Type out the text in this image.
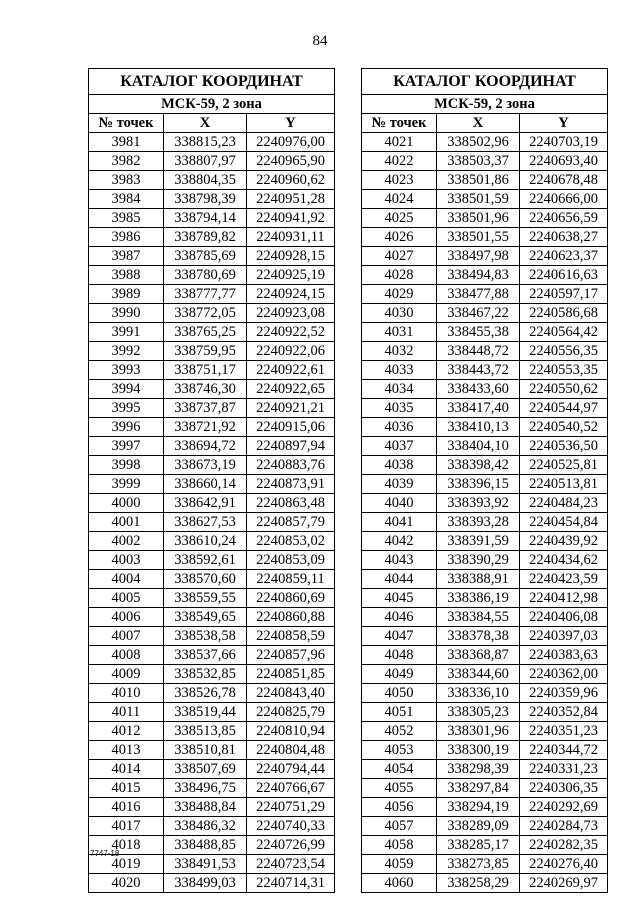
84
КАТАЛОГ КООРДИНАТ		
МСК-59, 2 зона		
№ точек	X	Y
3981	338815,23	2240976,00
3982	338807,97	2240965,90
3983	338804,35	2240960,62
3984	338798,39	2240951,28
3985	338794,14	2240941,92
3986	338789,82	2240931,11
3987	338785,69	2240928,15
3988	338780,69	2240925,19
3989	338777,77	2240924,15
3990	338772,05	2240923,08
3991	338765,25	2240922,52
3992	338759,95	2240922,06
3993	338751,17	2240922,61
3994	338746,30	2240922,65
3995	338737,87	2240921,21
3996	338721,92	2240915,06
3997	338694,72	2240897,94
3998	338673,19	2240883,76
3999	338660,14	2240873,91
4000	338642,91	2240863,48
4001	338627,53	2240857,79
4002	338610,24	2240853,02
4003	338592,61	2240853,09
4004	338570,60	2240859,11
4005	338559,55	2240860,69
4006	338549,65	2240860,88
4007	338538,58	2240858,59
4008	338537,66	2240857,96
4009	338532,85	2240851,85
4010	338526,78	2240843,40
4011	338519,44	2240825,79
4012	338513,85	2240810,94
4013	338510,81	2240804,48
4014	338507,69	2240794,44
4015	338496,75	2240766,67
4016	338488,84	2240751,29
4017	338486,32	2240740,33
4018	338488,85	2240726,99
4019	338491,53	2240723,54
4020	338499,03	2240714,31
КАТАЛОГ КООРДИНАТ		
МСК-59, 2 зона		
№ точек	X	Y
4021	338502,96	2240703,19
4022	338503,37	2240693,40
4023	338501,86	2240678,48
4024	338501,59	2240666,00
4025	338501,96	2240656,59
4026	338501,55	2240638,27
4027	338497,98	2240623,37
4028	338494,83	2240616,63
4029	338477,88	2240597,17
4030	338467,22	2240586,68
4031	338455,38	2240564,42
4032	338448,72	2240556,35
4033	338443,72	2240553,35
4034	338433,60	2240550,62
4035	338417,40	2240544,97
4036	338410,13	2240540,52
4037	338404,10	2240536,50
4038	338398,42	2240525,81
4039	338396,15	2240513,81
4040	338393,92	2240484,23
4041	338393,28	2240454,84
4042	338391,59	2240439,92
4043	338390,29	2240434,62
4044	338388,91	2240423,59
4045	338386,19	2240412,98
4046	338384,55	2240406,08
4047	338378,38	2240397,03
4048	338368,87	2240383,63
4049	338344,60	2240362,00
4050	338336,10	2240359,96
4051	338305,23	2240352,84
4052	338301,96	2240351,23
4053	338300,19	2240344,72
4054	338298,39	2240331,23
4055	338297,84	2240306,35
4056	338294,19	2240292,69
4057	338289,09	2240284,73
4058	338285,17	2240282,35
4059	338273,85	2240276,40
4060	338258,29	2240269,97
7747-18
